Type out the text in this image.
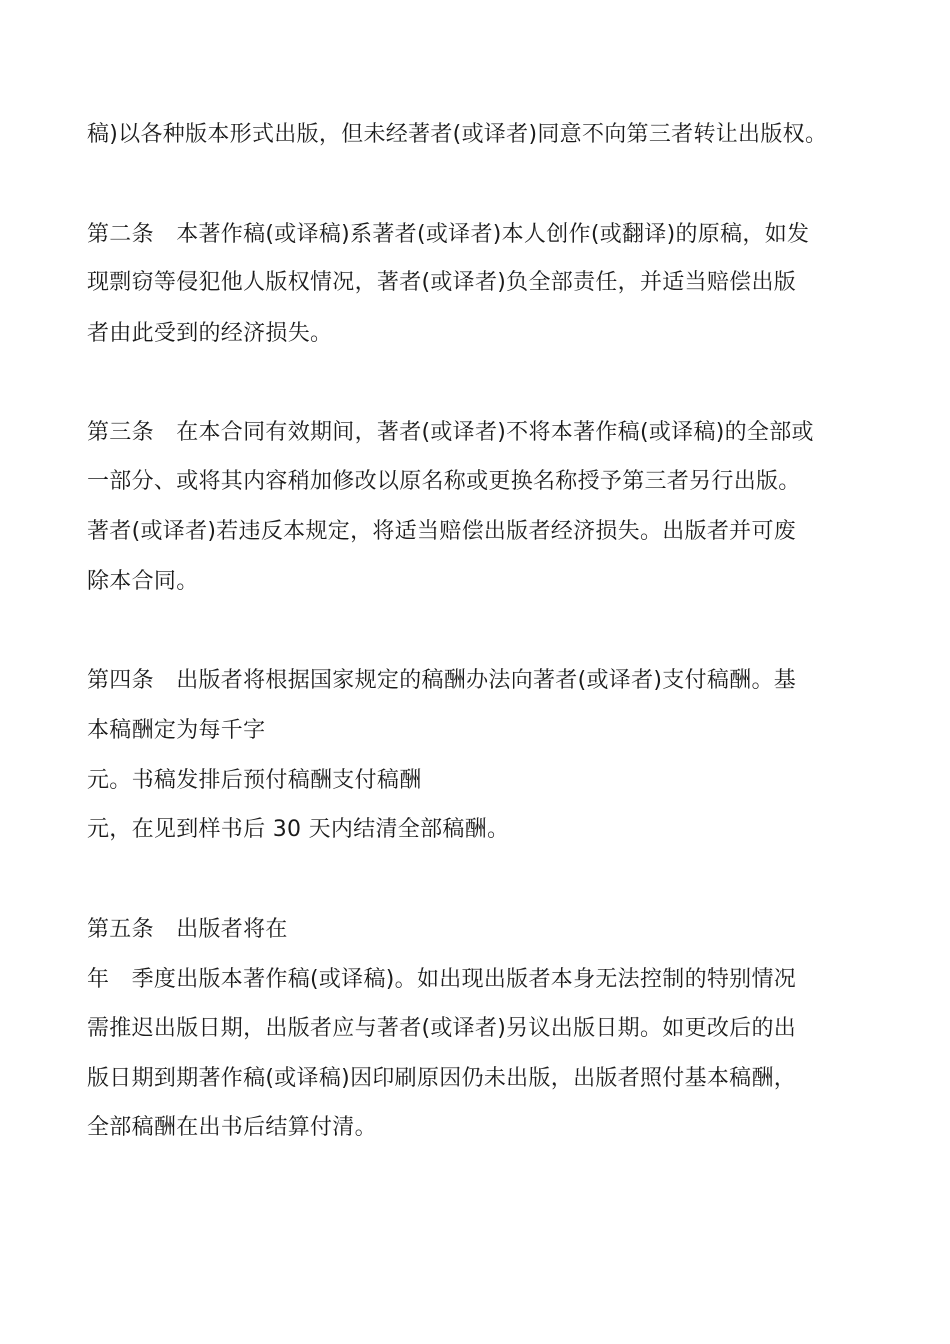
稿)以各种版本形式出版，但未经著者(或译者)同意不向第三者转让出版权。
第二条　本著作稿(或译稿)系著者(或译者)本人创作(或翻译)的原稿，如发
现剽窃等侵犯他人版权情况，著者(或译者)负全部责任，并适当赔偿出版
者由此受到的经济损失。
第三条　在本合同有效期间，著者(或译者)不将本著作稿(或译稿)的全部或
一部分、或将其内容稍加修改以原名称或更换名称授予第三者另行出版。
著者(或译者)若违反本规定，将适当赔偿出版者经济损失。出版者并可废
除本合同。
第四条　出版者将根据国家规定的稿酬办法向著者(或译者)支付稿酬。基
本稿酬定为每千字
元。书稿发排后预付稿酬支付稿酬
元，在见到样书后 30 天内结清全部稿酬。
第五条　出版者将在
年　季度出版本著作稿(或译稿)。如出现出版者本身无法控制的特别情况
需推迟出版日期，出版者应与著者(或译者)另议出版日期。如更改后的出
版日期到期著作稿(或译稿)因印刷原因仍未出版，出版者照付基本稿酬，
全部稿酬在出书后结算付清。
